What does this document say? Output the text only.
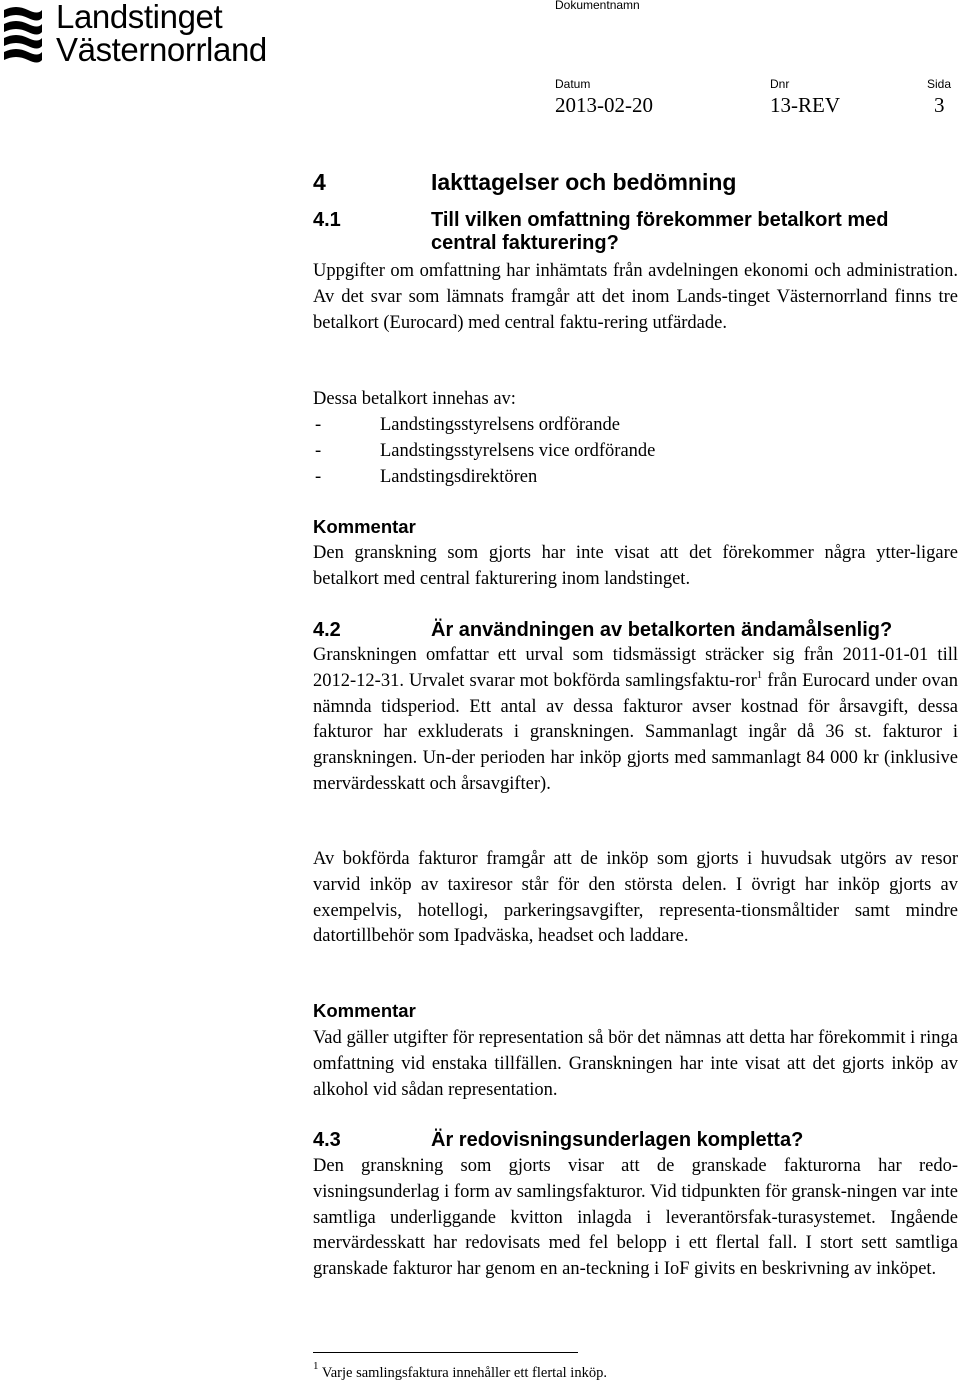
Landstinget
Västernorrland
Dokumentnamn
Datum	Dnr	Sida
2013-02-20	13-REV	3
4	Iakttagelser och bedömning
4.1	Till vilken omfattning förekommer betalkort med
central fakturering?
Uppgifter om omfattning har inhämtats från avdelningen ekonomi och administration. Av det svar som lämnats framgår att det inom Lands-tinget Västernorrland finns tre betalkort (Eurocard) med central faktu-rering utfärdade.
Dessa betalkort innehas av:
-	Landstingsstyrelsens ordförande
-	Landstingsstyrelsens vice ordförande
-	Landstingsdirektören
Kommentar
Den granskning som gjorts har inte visat att det förekommer några ytter-ligare betalkort med central fakturering inom landstinget.
4.2	Är användningen av betalkorten ändamålsenlig?
Granskningen omfattar ett urval som tidsmässigt sträcker sig från 2011-01-01 till 2012-12-31. Urvalet svarar mot bokförda samlingsfaktu-ror$^1$ från Eurocard under ovan nämnda tidsperiod. Ett antal av dessa fakturor avser kostnad för årsavgift, dessa fakturor har exkluderats i granskningen. Sammanlagt ingår då 36 st. fakturor i granskningen. Un-der perioden har inköp gjorts med sammanlagt 84 000 kr (inklusive mervärdesskatt och årsavgifter).
Av bokförda fakturor framgår att de inköp som gjorts i huvudsak utgörs av resor varvid inköp av taxiresor står för den största delen. I övrigt har inköp gjorts av exempelvis, hotellogi, parkeringsavgifter, representa-tionsmåltider samt mindre datortillbehör som Ipadväska, headset och laddare.
Kommentar
Vad gäller utgifter för representation så bör det nämnas att detta har förekommit i ringa omfattning vid enstaka tillfällen. Granskningen har inte visat att det gjorts inköp av alkohol vid sådan representation.
4.3	Är redovisningsunderlagen kompletta?
Den granskning som gjorts visar att de granskade fakturorna har redo-visningsunderlag i form av samlingsfakturor. Vid tidpunkten för gransk-ningen var inte samtliga underliggande kvitton inlagda i leverantörsfak-turasystemet. Ingående mervärdesskatt har redovisats med fel belopp i ett flertal fall. I stort sett samtliga granskade fakturor har genom en an-teckning i IoF givits en beskrivning av inköpet.
$^1$ Varje samlingsfaktura innehåller ett flertal inköp.
